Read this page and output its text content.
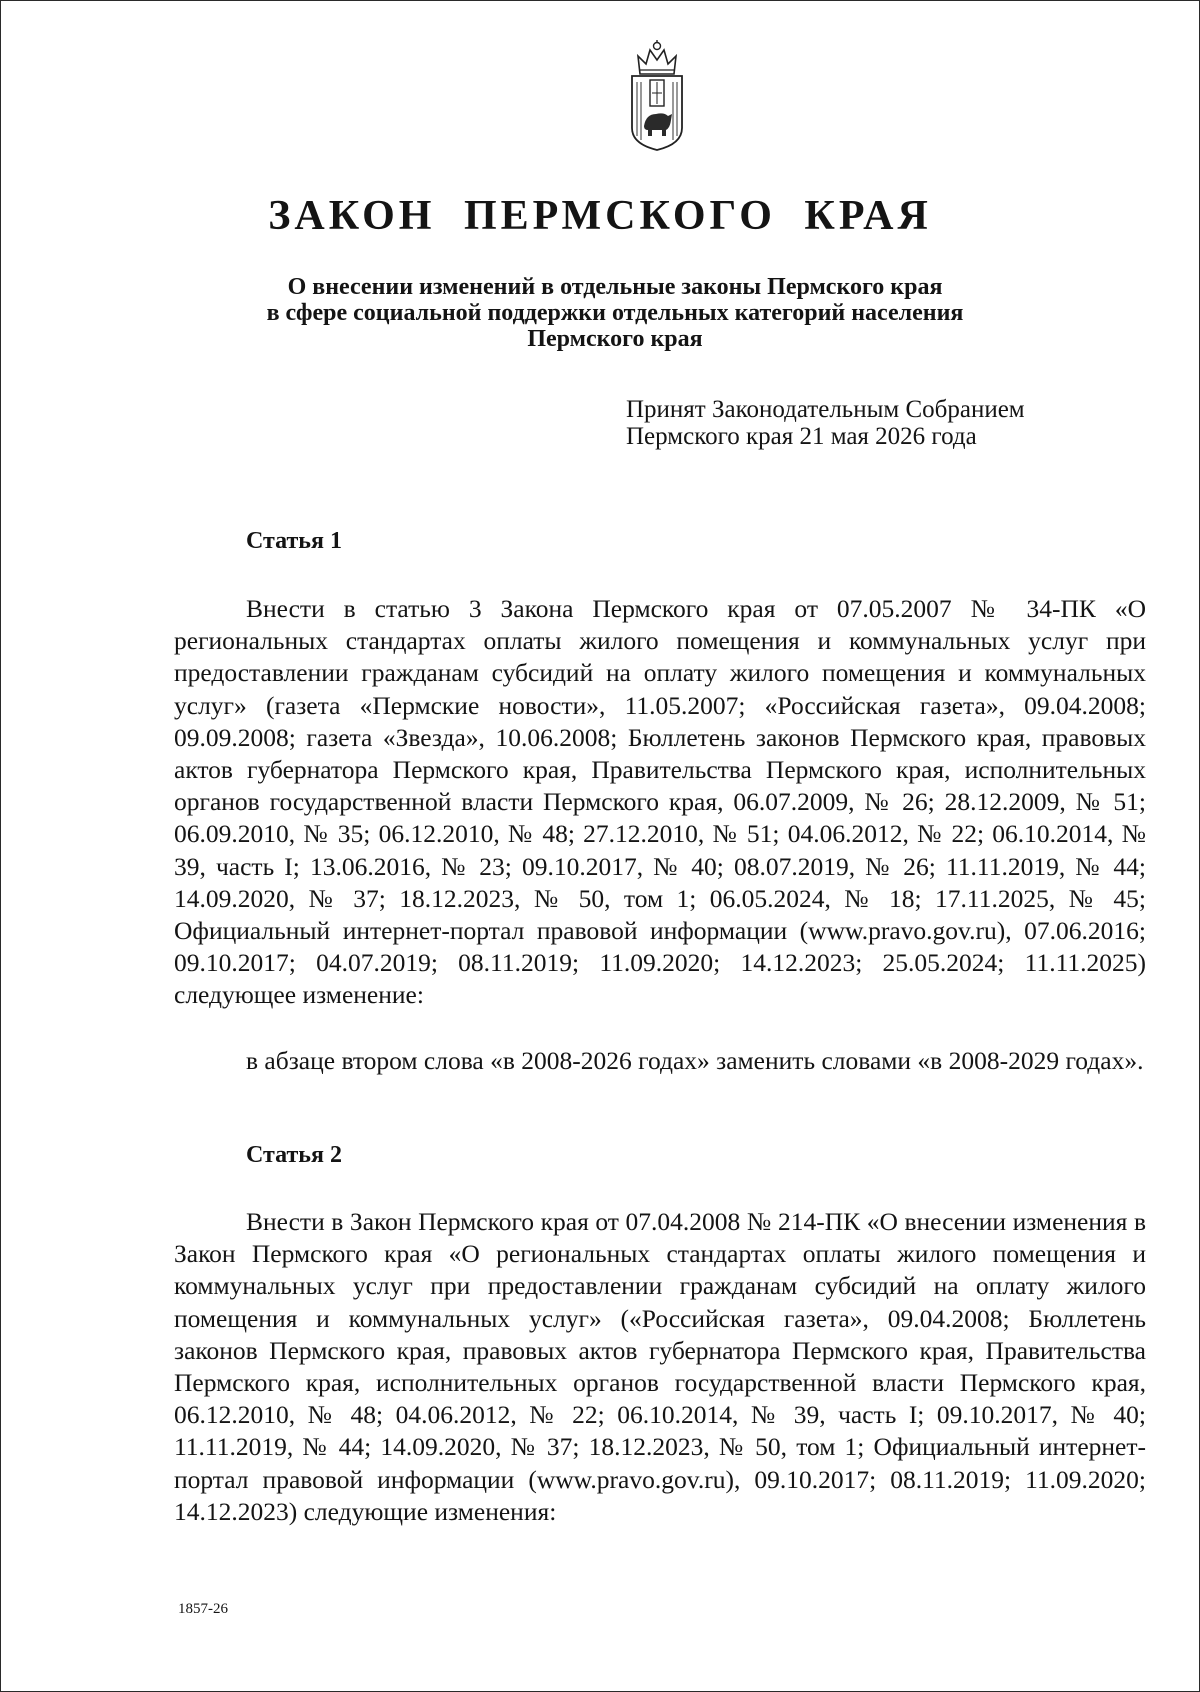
ЗАКОН ПЕРМСКОГО КРАЯ
О внесении изменений в отдельные законы Пермского края
в сфере социальной поддержки отдельных категорий населения
Пермского края
Принят Законодательным Собранием
Пермского края 21 мая 2026 года
Статья 1

Внести в статью 3 Закона Пермского края от 07.05.2007 № 34-ПК «О региональных стандартах оплаты жилого помещения и коммунальных услуг при предоставлении гражданам субсидий на оплату жилого помещения и коммунальных услуг» (газета «Пермские новости», 11.05.2007; «Российская газета», 09.04.2008; 09.09.2008; газета «Звезда», 10.06.2008; Бюллетень законов Пермского края, правовых актов губернатора Пермского края, Правительства Пермского края, исполнительных органов государственной власти Пермского края, 06.07.2009, № 26; 28.12.2009, № 51; 06.09.2010, № 35; 06.12.2010, № 48; 27.12.2010, № 51; 04.06.2012, № 22; 06.10.2014, № 39, часть I; 13.06.2016, № 23; 09.10.2017, № 40; 08.07.2019, № 26; 11.11.2019, № 44; 14.09.2020, № 37; 18.12.2023, № 50, том 1; 06.05.2024, № 18; 17.11.2025, № 45; Официальный интернет-портал правовой информации (www.pravo.gov.ru), 07.06.2016; 09.10.2017; 04.07.2019; 08.11.2019; 11.09.2020; 14.12.2023; 25.05.2024; 11.11.2025) следующее изменение:

в абзаце втором слова «в 2008-2026 годах» заменить словами «в 2008-2029 годах».

Статья 2

Внести в Закон Пермского края от 07.04.2008 № 214-ПК «О внесении изменения в Закон Пермского края «О региональных стандартах оплаты жилого помещения и коммунальных услуг при предоставлении гражданам субсидий на оплату жилого помещения и коммунальных услуг» («Российская газета», 09.04.2008; Бюллетень законов Пермского края, правовых актов губернатора Пермского края, Правительства Пермского края, исполнительных органов государственной власти Пермского края, 06.12.2010, № 48; 04.06.2012, № 22; 06.10.2014, № 39, часть I; 09.10.2017, № 40; 11.11.2019, № 44; 14.09.2020, № 37; 18.12.2023, № 50, том 1; Официальный интернет-портал правовой информации (www.pravo.gov.ru), 09.10.2017; 08.11.2019; 11.09.2020; 14.12.2023) следующие изменения:

1857-26
